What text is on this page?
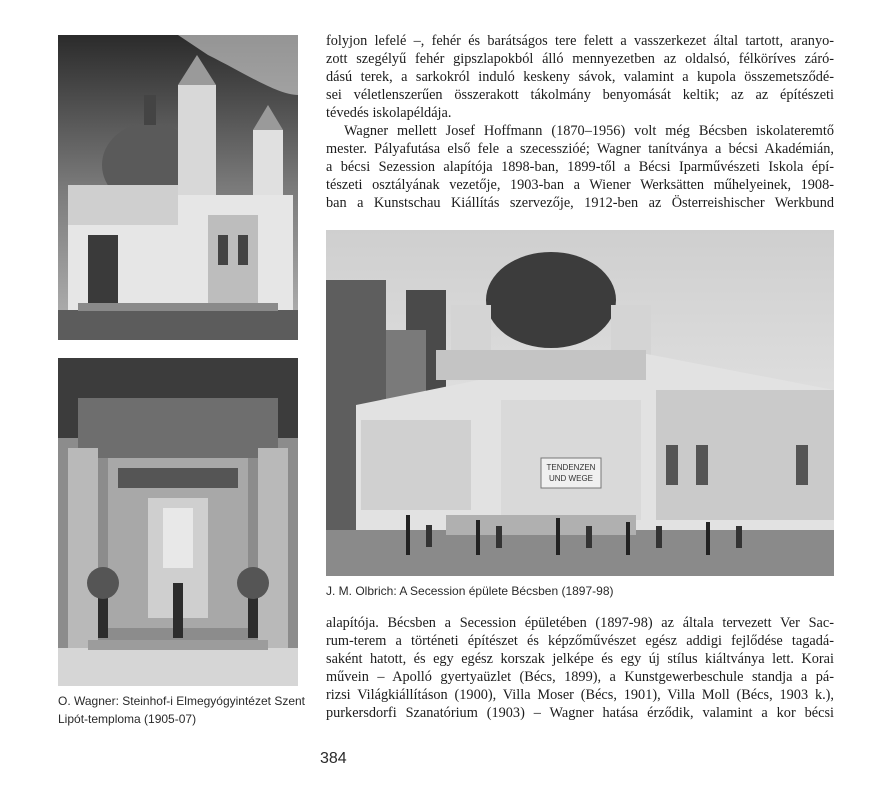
O. Wagner: Steinhof-i Elmegyógyintézet Szent
Lipót-temploma (1905-07)
folyjon lefelé –, fehér és barátságos tere felett a vasszerkezet által tartott, aranyo-
zott szegélyű fehér gipszlapokból álló mennyezetben az oldalsó, félköríves záró-
dású terek, a sarkokról induló keskeny sávok, valamint a kupola összemetsződé-
sei véletlenszerűen összerakott tákolmány benyomását keltik; az az építészeti
tévedés iskolapéldája.
Wagner mellett Josef Hoffmann (1870–1956) volt még Bécsben iskolateremtő
mester. Pályafutása első fele a szecesszióé; Wagner tanítványa a bécsi Akadémián,
a bécsi Sezession alapítója 1898-ban, 1899-től a Bécsi Iparművészeti Iskola épí-
tészeti osztályának vezetője, 1903-ban a Wiener Werksätten műhelyeinek, 1908-
ban a Kunstschau Kiállítás szervezője, 1912-ben az Österreishischer Werkbund
TENDENZEN
UND WEGE
J. M. Olbrich: A Secession épülete Bécsben (1897-98)
alapítója. Bécsben a Secession épületében (1897-98) az általa tervezett Ver Sac-
rum-terem a történeti építészet és képzőművészet egész addigi fejlődése tagadá-
saként hatott, és egy egész korszak jelképe és egy új stílus kiáltványa lett. Korai
művein – Apolló gyertyaüzlet (Bécs, 1899), a Kunstgewerbeschule standja a pá-
rizsi Világkiállításon (1900), Villa Moser (Bécs, 1901), Villa Moll (Bécs, 1903 k.),
purkersdorfi Szanatórium (1903) – Wagner hatása érződik, valamint a kor bécsi
384
